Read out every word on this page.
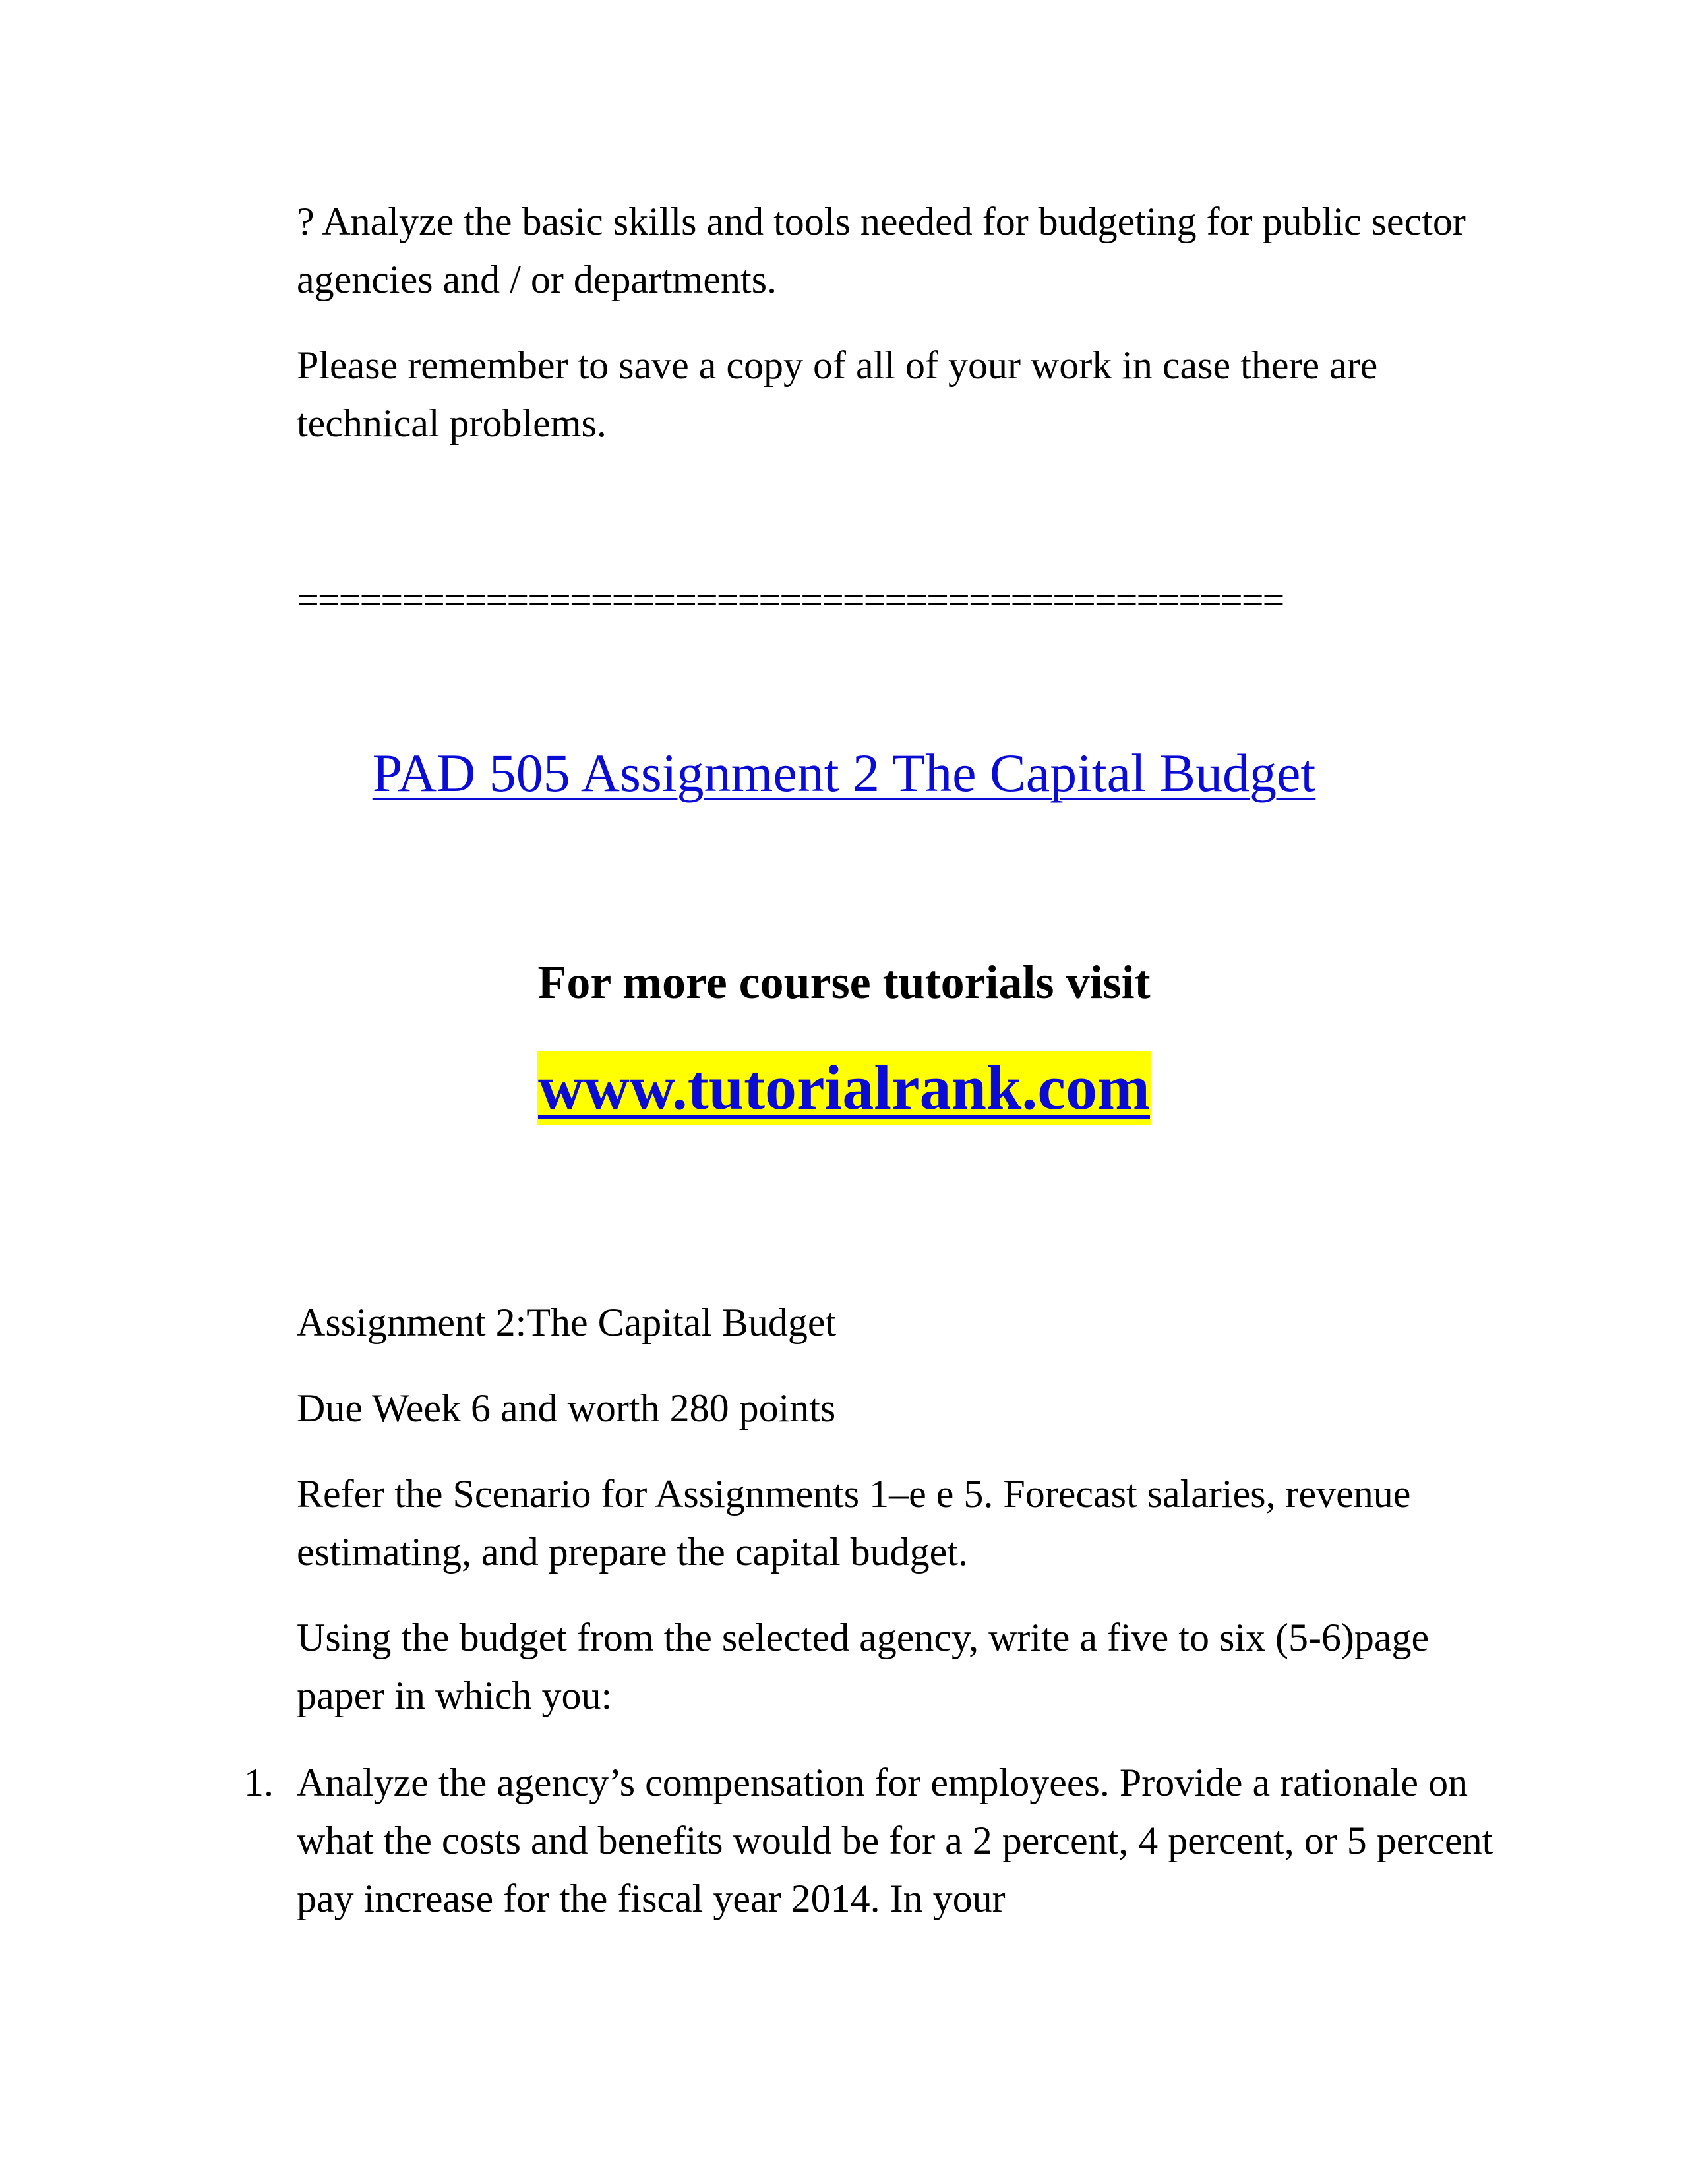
? Analyze the basic skills and tools needed for budgeting for public sector agencies and / or departments.

Please remember to save a copy of all of your work in case there are technical problems.

===============================================

PAD 505 Assignment 2 The Capital Budget

For more course tutorials visit

www.tutorialrank.com

Assignment 2:The Capital Budget

Due Week 6 and worth 280 points

Refer the Scenario for Assignments 1–e e 5. Forecast salaries, revenue estimating, and prepare the capital budget.

Using the budget from the selected agency, write a five to six (5-6)page paper in which you:

1. Analyze the agency’s compensation for employees. Provide a rationale on what the costs and benefits would be for a 2 percent, 4 percent, or 5 percent pay increase for the fiscal year 2014. In your
